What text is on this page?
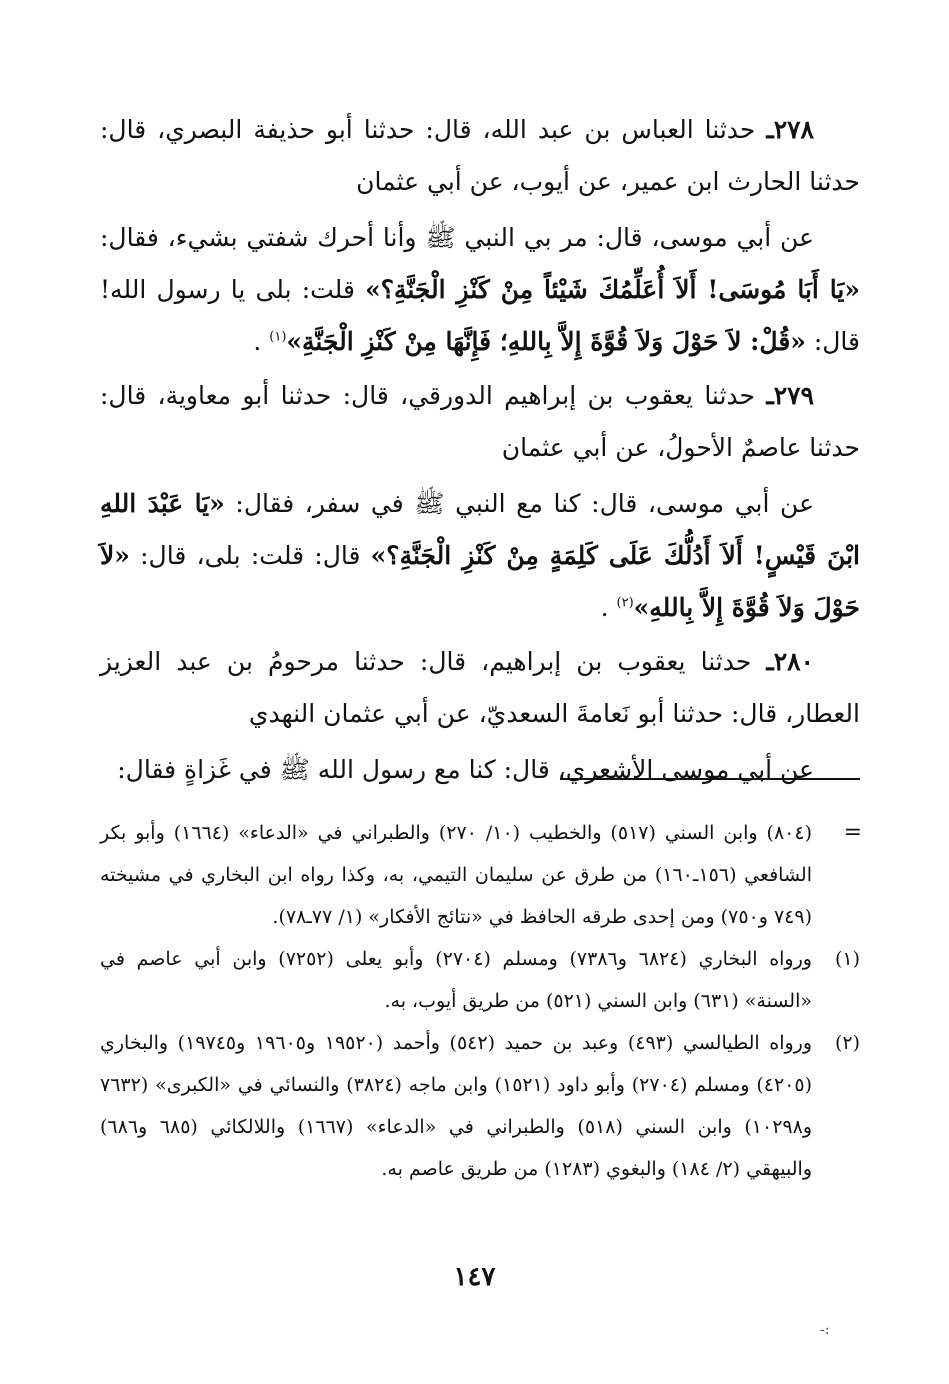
٢٧٨ـ حدثنا العباس بن عبد الله، قال: حدثنا أبو حذيفة البصري، قال: حدثنا الحارث ابن عمير، عن أيوب، عن أبي عثمان

عن أبي موسى، قال: مر بي النبي ﷺ وأنا أحرك شفتي بشيء، فقال: «يَا أَبَا مُوسَى! أَلاَ أُعَلِّمُكَ شَيْئاً مِنْ كَنْزِ الْجَنَّةِ؟» قلت: بلى يا رسول الله! قال: «قُلْ: لاَ حَوْلَ وَلاَ قُوَّةَ إِلاَّ بِاللهِ؛ فَإِنَّهَا مِنْ كَنْزِ الْجَنَّةِ»$^{(١)}$ .

٢٧٩ـ حدثنا يعقوب بن إبراهيم الدورقي، قال: حدثنا أبو معاوية، قال: حدثنا عاصمٌ الأحولُ، عن أبي عثمان

عن أبي موسى، قال: كنا مع النبي ﷺ في سفر، فقال: «يَا عَبْدَ اللهِ ابْنَ قَيْسٍ! أَلاَ أَدُلُّكَ عَلَى كَلِمَةٍ مِنْ كَنْزِ الْجَنَّةِ؟» قال: قلت: بلى، قال: «لاَ حَوْلَ وَلاَ قُوَّةَ إِلاَّ بِاللهِ»$^{(٢)}$ .

٢٨٠ـ حدثنا يعقوب بن إبراهيم، قال: حدثنا مرحومُ بن عبد العزيز العطار، قال: حدثنا أبو نَعامةَ السعديّ، عن أبي عثمان النهدي

عن أبي موسى الأشعري، قال: كنا مع رسول الله ﷺ في غَزاةٍ فقال:

=
(٨٠٤) وابن السني (٥١٧) والخطيب (١٠/ ٢٧٠) والطبراني في «الدعاء» (١٦٦٤) وأبو بكر الشافعي (١٥٦ـ١٦٠) من طرق عن سليمان التيمي، به، وكذا رواه ابن البخاري في مشيخته (٧٤٩ و٧٥٠) ومن إحدى طرقه الحافظ في «نتائج الأفكار» (١/ ٧٧ـ٧٨).

(١)
ورواه البخاري (٦٨٢٤ و٧٣٨٦) ومسلم (٢٧٠٤) وأبو يعلى (٧٢٥٢) وابن أبي عاصم في «السنة» (٦٣١) وابن السني (٥٢١) من طريق أيوب، به.

(٢)
ورواه الطيالسي (٤٩٣) وعبد بن حميد (٥٤٢) وأحمد (١٩٥٢٠ و١٩٦٠٥ و١٩٧٤٥) والبخاري (٤٢٠٥) ومسلم (٢٧٠٤) وأبو داود (١٥٢١) وابن ماجه (٣٨٢٤) والنسائي في «الكبرى» (٧٦٣٢ و١٠٢٩٨) وابن السني (٥١٨) والطبراني في «الدعاء» (١٦٦٧) واللالكائي (٦٨٥ و٦٨٦) والبيهقي (٢/ ١٨٤) والبغوي (١٢٨٣) من طريق عاصم به.

١٤٧
-:
